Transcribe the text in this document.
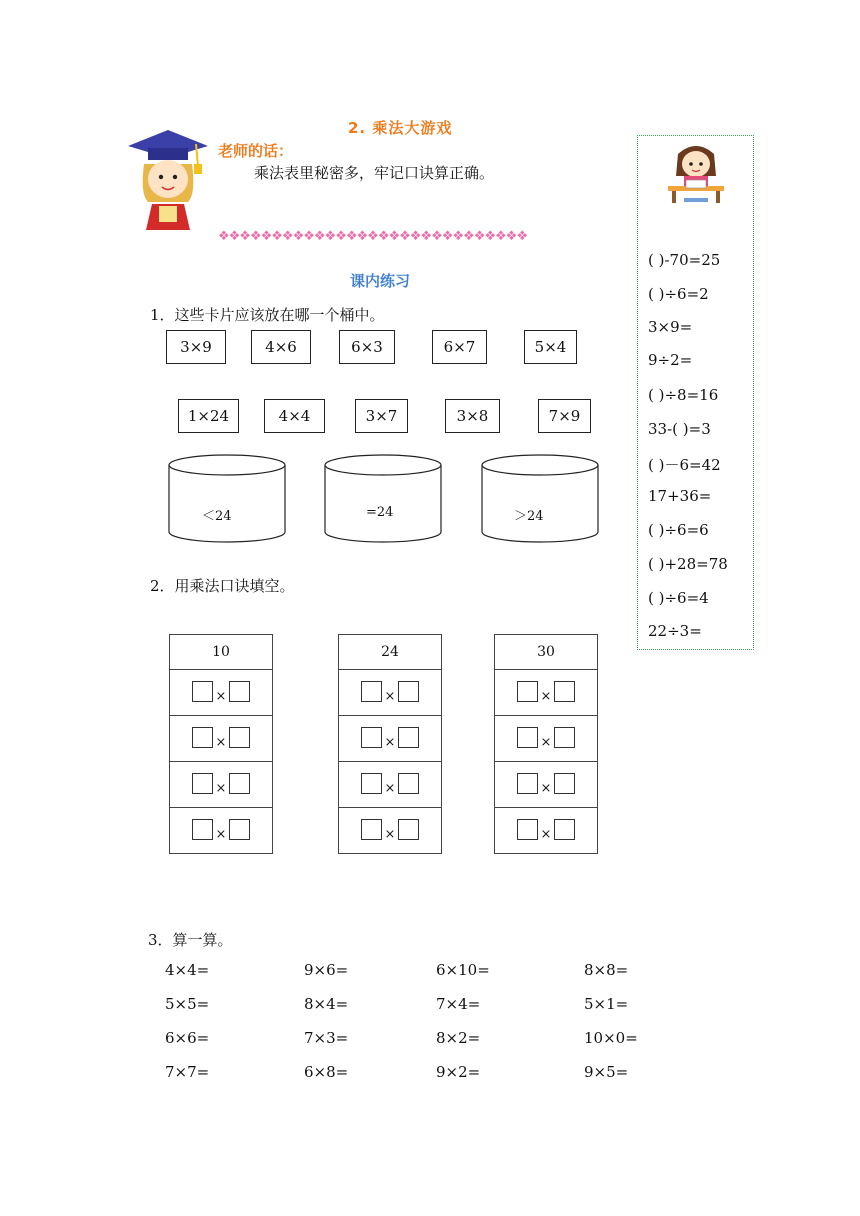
2. 乘法大游戏
老师的话：
乘法表里秘密多，牢记口诀算正确。
❖❖❖❖❖❖❖❖❖❖❖❖❖❖❖❖❖❖❖❖❖❖❖❖❖❖❖❖❖
课内练习
1．这些卡片应该放在哪一个桶中。
3×9	4×6	6×3	6×7	5×4
1×24	4×4	3×7	3×8	7×9
＜24	=24	＞24
2．用乘法口诀填空。
10
×
×
×
×
24
×
×
×
×
30
×
×
×
×
3．算一算。
4×4=	9×6=	6×10=	8×8=
5×5=	8×4=	7×4=	5×1=
6×6=	7×3=	8×2=	10×0=
7×7=	6×8=	9×2=	9×5=
( )-70=25
( )÷6=2
3×9=
9÷2=
( )÷8=16
33-( )=3
( )－6=42
17+36=
( )÷6=6
( )+28=78
( )÷6=4
22÷3=
